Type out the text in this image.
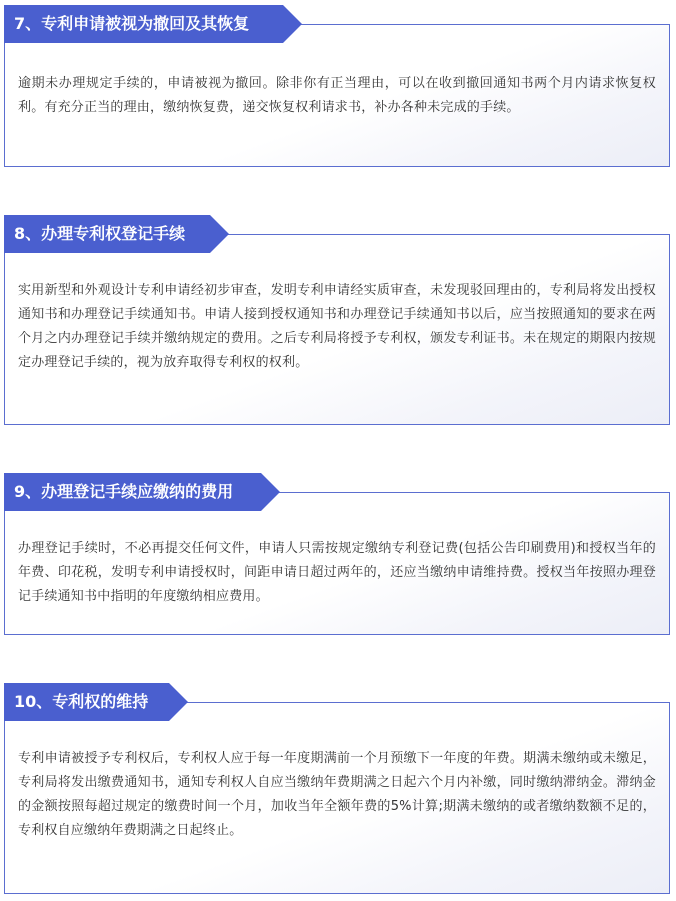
7、专利申请被视为撤回及其恢复
逾期未办理规定手续的，申请被视为撤回。除非你有正当理由，可以在收到撤回通知书两个月内请求恢复权利。有充分正当的理由，缴纳恢复费，递交恢复权利请求书，补办各种未完成的手续。
8、办理专利权登记手续
实用新型和外观设计专利申请经初步审查，发明专利申请经实质审查，未发现驳回理由的，专利局将发出授权通知书和办理登记手续通知书。申请人接到授权通知书和办理登记手续通知书以后，应当按照通知的要求在两个月之内办理登记手续并缴纳规定的费用。之后专利局将授予专利权，颁发专利证书。未在规定的期限内按规定办理登记手续的，视为放弃取得专利权的权利。
9、办理登记手续应缴纳的费用
办理登记手续时，不必再提交任何文件，申请人只需按规定缴纳专利登记费(包括公告印刷费用)和授权当年的年费、印花税，发明专利申请授权时，间距申请日超过两年的，还应当缴纳申请维持费。授权当年按照办理登记手续通知书中指明的年度缴纳相应费用。
10、专利权的维持
专利申请被授予专利权后，专利权人应于每一年度期满前一个月预缴下一年度的年费。期满未缴纳或未缴足，专利局将发出缴费通知书，通知专利权人自应当缴纳年费期满之日起六个月内补缴，同时缴纳滞纳金。滞纳金的金额按照每超过规定的缴费时间一个月，加收当年全额年费的5%计算;期满未缴纳的或者缴纳数额不足的，专利权自应缴纳年费期满之日起终止。
